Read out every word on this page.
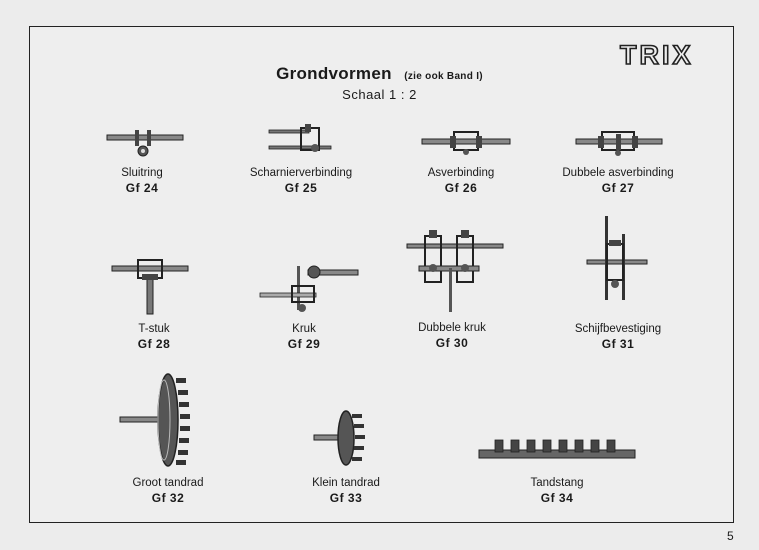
TRIX
Grondvormen (zie ook Band I)
Schaal 1 : 2
Sluitring
Gf 24
Scharnierverbinding
Gf 25
Asverbinding
Gf 26
Dubbele asverbinding
Gf 27
T-stuk
Gf 28
Kruk
Gf 29
Dubbele kruk
Gf 30
Schijfbevestiging
Gf 31
Groot tandrad
Gf 32
Klein tandrad
Gf 33
Tandstang
Gf 34
5
